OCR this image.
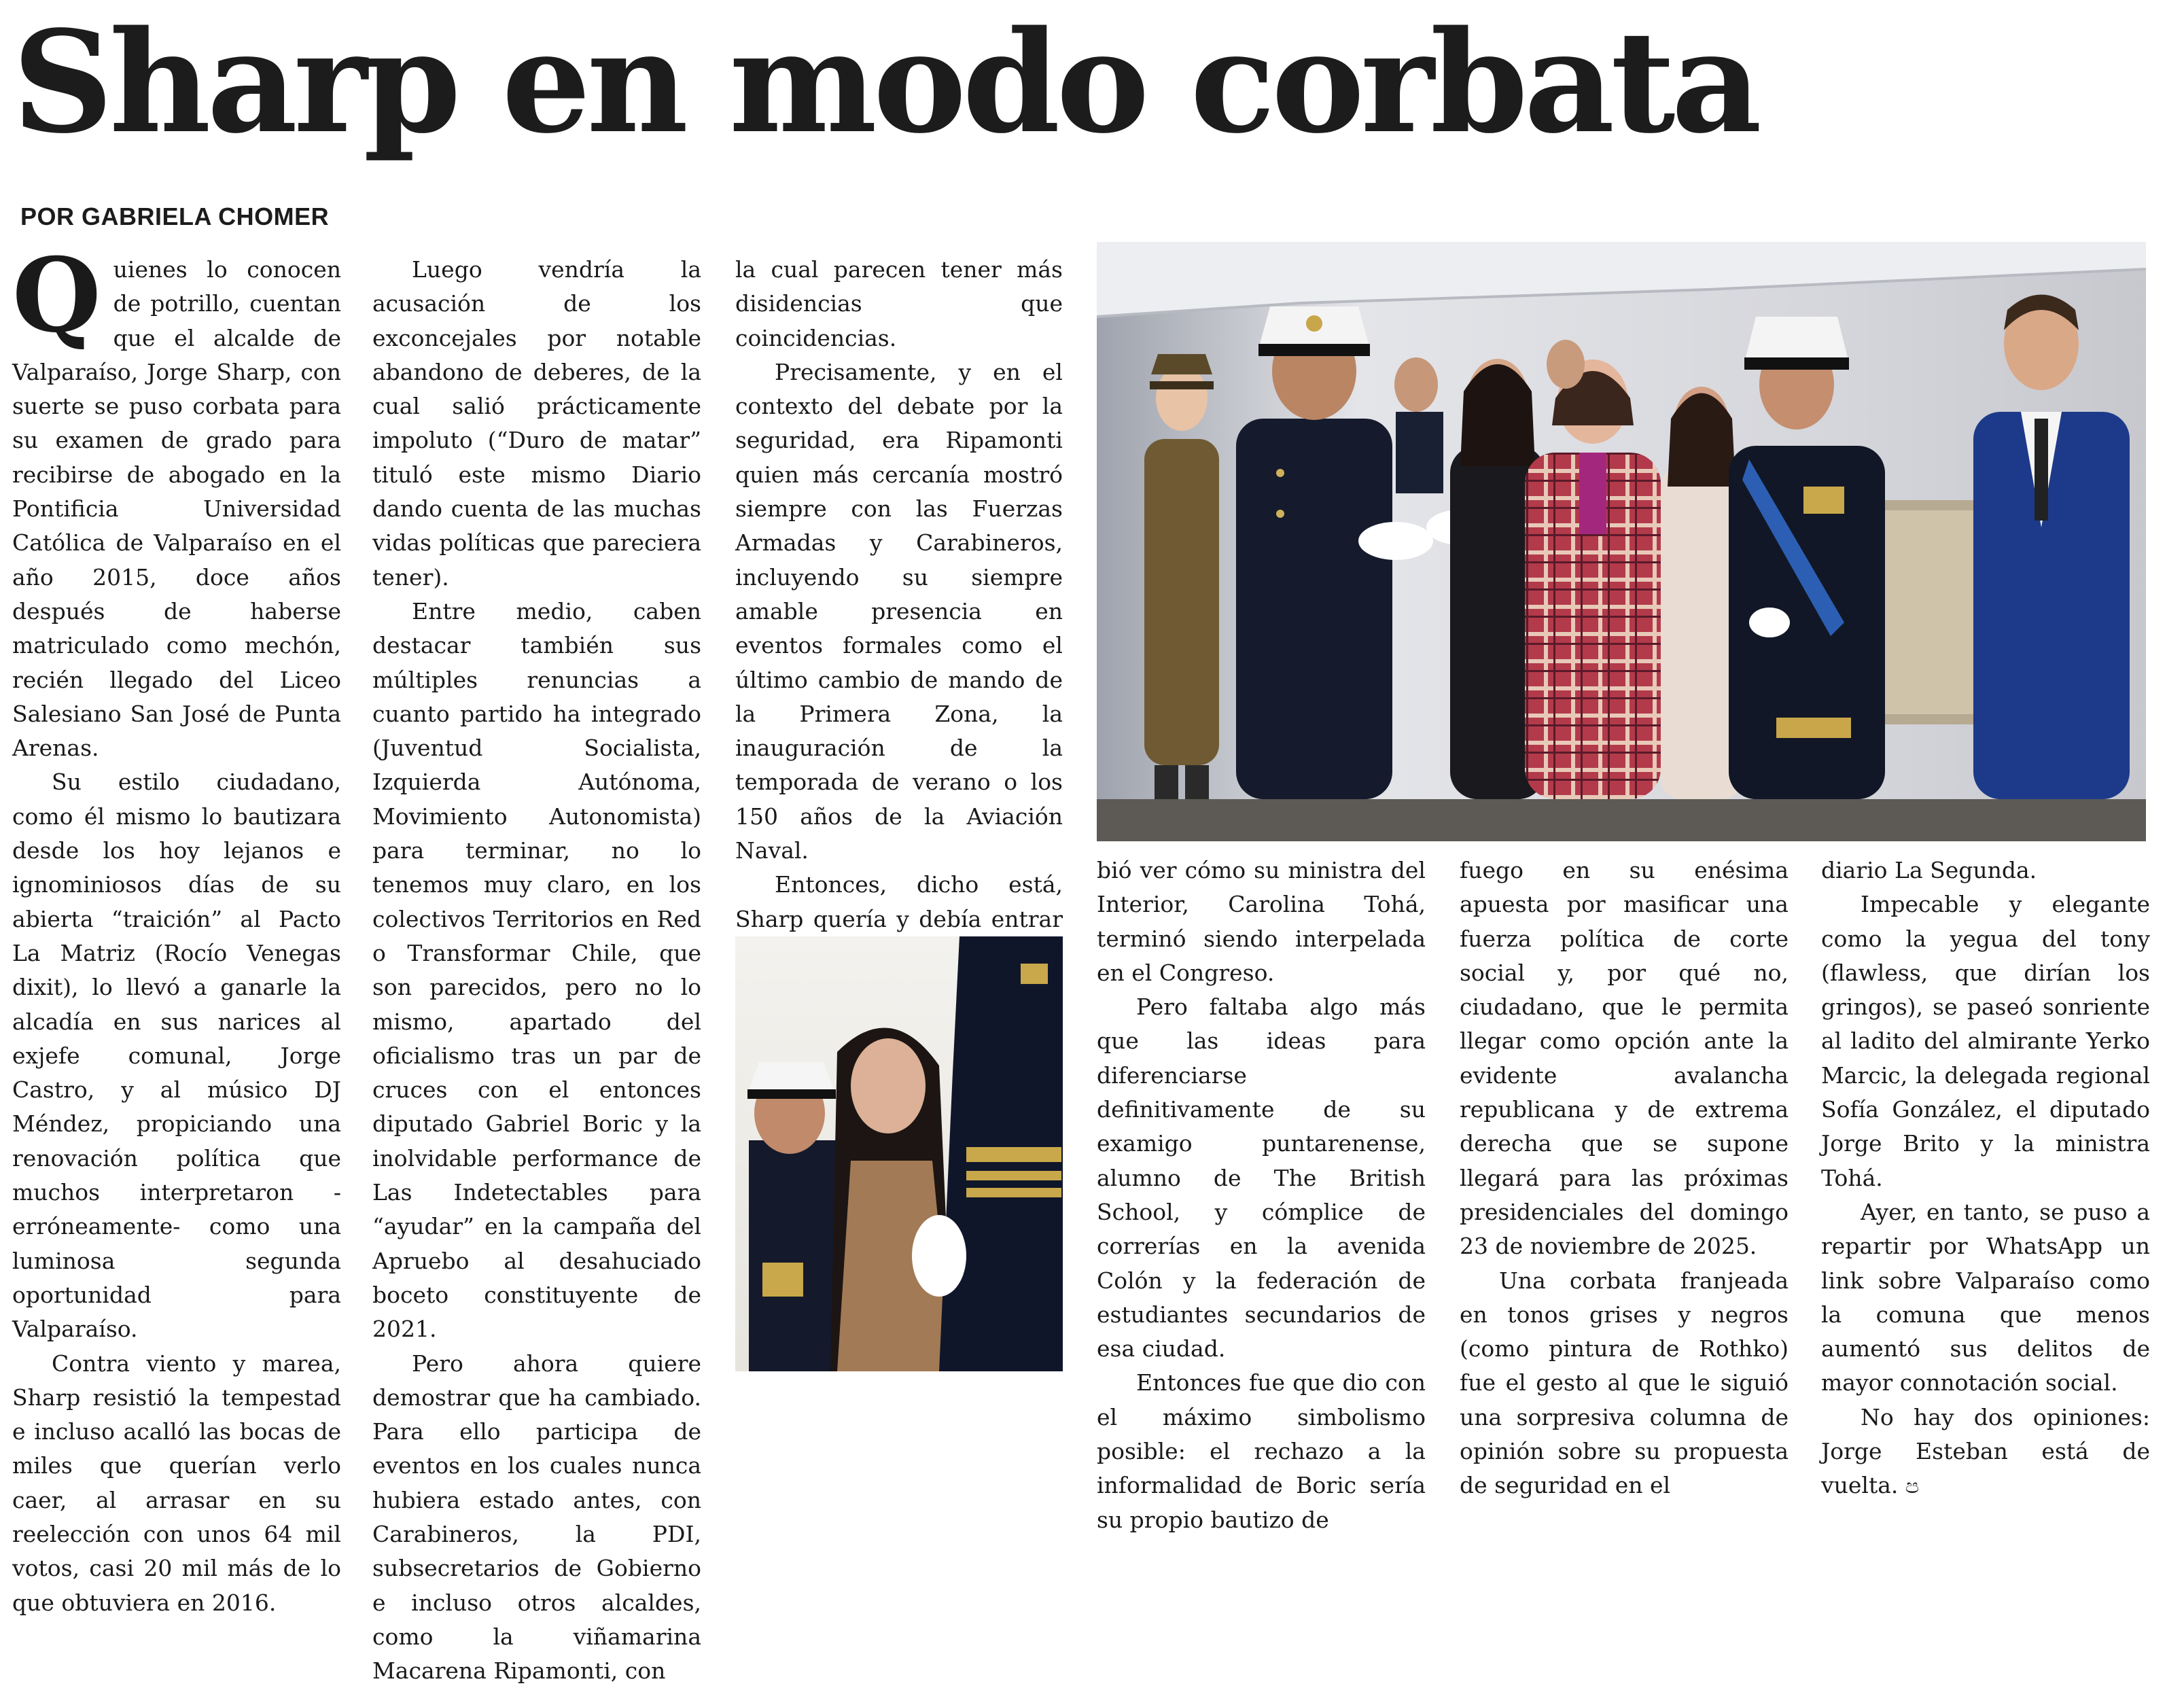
Sharp en modo corbata
POR GABRIELA CHOMER

Quienes lo conocen de potrillo, cuentan que el alcalde de Valparaíso, Jorge Sharp, con suerte se puso corbata para su examen de grado para recibirse de abogado en la Pontificia Universidad Católica de Valparaíso en el año 2015, doce años después de haberse matriculado como mechón, recién llegado del Liceo Salesiano San José de Punta Arenas.

Su estilo ciudadano, como él mismo lo bautizara desde los hoy lejanos e ignominiosos días de su abierta “traición” al Pacto La Matriz (Rocío Venegas dixit), lo llevó a ganarle la alcadía en sus narices al exjefe comunal, Jorge Castro, y al músico DJ Méndez, propiciando una renovación política que muchos interpretaron -erróneamente- como una luminosa segunda oportunidad para Valparaíso.

Contra viento y marea, Sharp resistió la tempestad e incluso acalló las bocas de miles que querían verlo caer, al arrasar en su reelección con unos 64 mil votos, casi 20 mil más de lo que obtuviera en 2016.

Luego vendría la acusación de los exconcejales por notable abandono de deberes, de la cual salió prácticamente impoluto (“Duro de matar” tituló este mismo Diario dando cuenta de las muchas vidas políticas que pareciera tener).

Entre medio, caben destacar también sus múltiples renuncias a cuanto partido ha integrado (Juventud Socialista, Izquierda Autónoma, Movimiento Autonomista) para terminar, no lo tenemos muy claro, en los colectivos Territorios en Red o Transformar Chile, que son parecidos, pero no lo mismo, apartado del oficialismo tras un par de cruces con el entonces diputado Gabriel Boric y la inolvidable performance de Las Indetectables para “ayudar” en la campaña del Apruebo al desahuciado boceto constituyente de 2021.

Pero ahora quiere demostrar que ha cambiado. Para ello participa de eventos en los cuales nunca hubiera estado antes, con Carabineros, la PDI, subsecretarios de Gobierno e incluso otros alcaldes, como la viñamarina Macarena Ripamonti, con

la cual parecen tener más disidencias que coincidencias.

Precisamente, y en el contexto del debate por la seguridad, era Ripamonti quien más cercanía mostró siempre con las Fuerzas Armadas y Carabineros, incluyendo su siempre amable presencia en eventos formales como el último cambio de mando de la Primera Zona, la inauguración de la temporada de verano o los 150 años de la Aviación Naval.

Entonces, dicho está, Sharp quería y debía entrar

bió ver cómo su ministra del Interior, Carolina Tohá, terminó siendo interpelada en el Congreso.

Pero faltaba algo más que las ideas para diferenciarse definitivamente de su examigo puntarenense, alumno de The British School, y cómplice de correrías en la avenida Colón y la federación de estudiantes secundarios de esa ciudad.

Entonces fue que dio con el máximo simbolismo posible: el rechazo a la informalidad de Boric sería su propio bautizo de

fuego en su enésima apuesta por masificar una fuerza política de corte social y, por qué no, ciudadano, que le permita llegar como opción ante la evidente avalancha republicana y de extrema derecha que se supone llegará para las próximas presidenciales del domingo 23 de noviembre de 2025.

Una corbata franjeada en tonos grises y negros (como pintura de Rothko) fue el gesto al que le siguió una sorpresiva columna de opinión sobre su propuesta de seguridad en el

diario La Segunda.

Impecable y elegante como la yegua del tony (flawless, que dirían los gringos), se paseó sonriente al ladito del almirante Yerko Marcic, la delegada regional Sofía González, el diputado Jorge Brito y la ministra Tohá.

Ayer, en tanto, se puso a repartir por WhatsApp un link sobre Valparaíso como la comuna que menos aumentó sus delitos de mayor connotación social.

No hay dos opiniones: Jorge Esteban está de vuelta. ප
